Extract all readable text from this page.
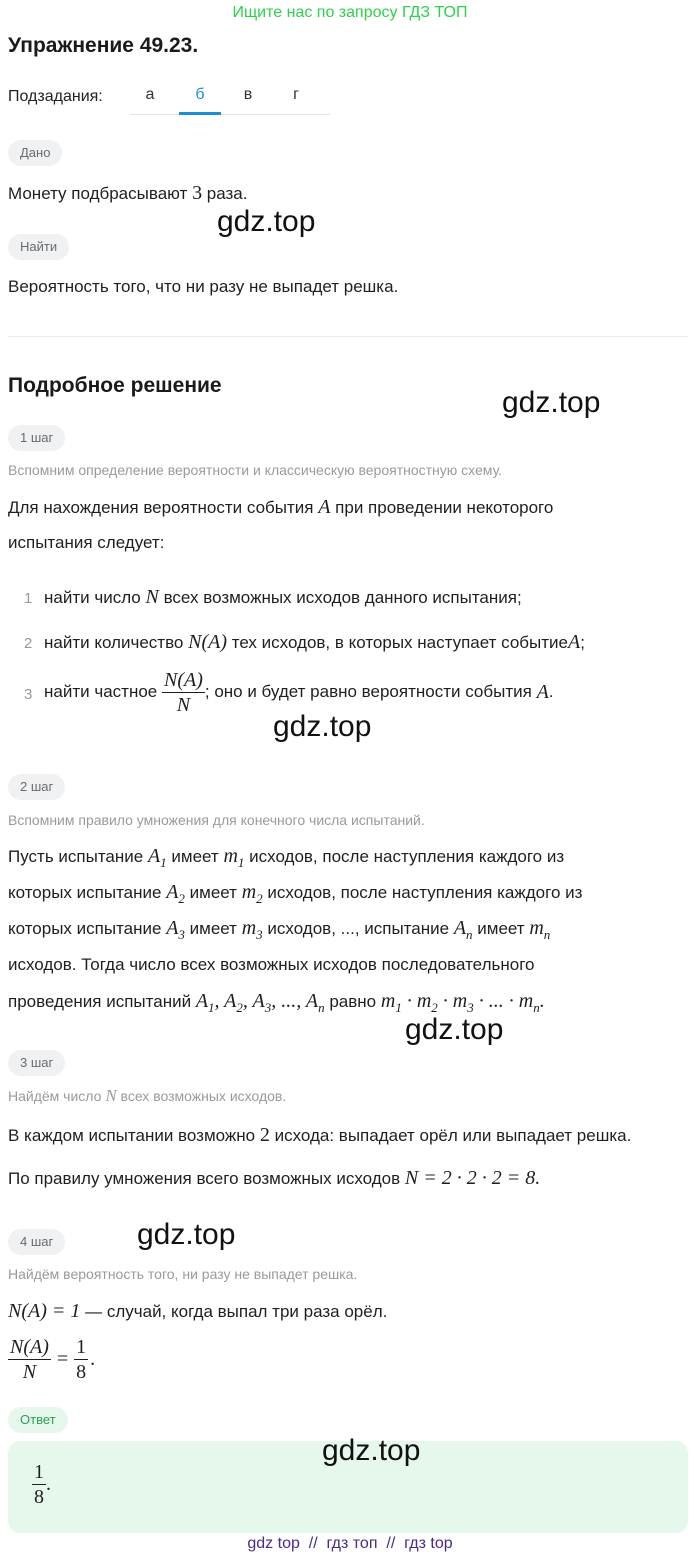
Ищите нас по запросу ГДЗ ТОП
Упражнение 49.23.
Подзадания:	а	б	в	г
Дано
Монету подбрасывают 3 раза.
gdz.top
Найти
Вероятность того, что ни разу не выпадет решка.
Подробное решение
gdz.top
1 шаг
Вспомним определение вероятности и классическую вероятностную схему.
Для нахождения вероятности события A при проведении некоторого
испытания следует:
1 найти число N всех возможных исходов данного испытания;
2 найти количество N(A) тех исходов, в которых наступает событиеA;
3 найти частное
$\frac{N(A)}{N}$ ; оно и будет равно вероятности события
A .
gdz.top
2 шаг
Вспомним правило умножения для конечного числа испытаний.
Пусть испытание $A_1$ имеет $m_1$ исходов, после наступления каждого из
которых испытание $A_2$ имеет $m_2$ исходов, после наступления каждого из
которых испытание $A_3$ имеет $m_3$ исходов, ..., испытание $A_n$ имеет $m_n$
исходов. Тогда число всех возможных исходов последовательного
проведения испытаний $A_1$, $A_2$, $A_3$, ..., $A_n$ равно $m_1 \cdot m_2 \cdot m_3$ · ... · $m_n$.
gdz.top
3 шаг
Найдём число N всех возможных исходов.
В каждом испытании возможно 2 исхода: выпадает орёл или выпадает решка.
По правилу умножения всего возможных исходов N = 2 · 2 · 2 = 8.
gdz.top
4 шаг
Найдём вероятность того, ни разу не выпадет решка.
N(A) = 1 — случай, когда выпал три раза орёл.
$\frac{N(A)}{N} = \frac{1}{8}$ .
Ответ
$\frac{1}{8}$ .
gdz.top
gdz top  //  гдз топ  //  гдз top
